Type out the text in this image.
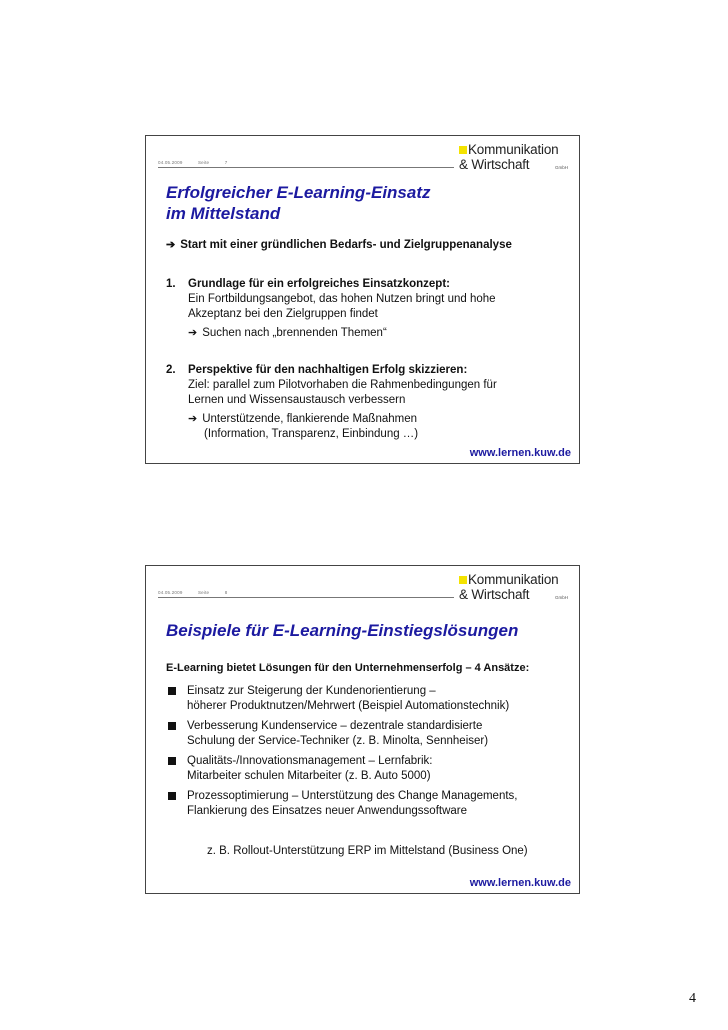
04.05.2009	Seite	7
Kommunikation
& Wirtschaft	GmbH
Erfolgreicher E-Learning-Einsatz
im Mittelstand
➔ Start mit einer gründlichen Bedarfs- und Zielgruppenanalyse
1. Grundlage für ein erfolgreiches Einsatzkonzept:
Ein Fortbildungsangebot, das hohen Nutzen bringt und hohe
Akzeptanz bei den Zielgruppen findet
➔ Suchen nach „brennenden Themen“
2. Perspektive für den nachhaltigen Erfolg skizzieren:
Ziel: parallel zum Pilotvorhaben die Rahmenbedingungen für
Lernen und Wissensaustausch verbessern
➔ Unterstützende, flankierende Maßnahmen
(Information, Transparenz, Einbindung …)
www.lernen.kuw.de
04.05.2009	Seite	8
Kommunikation
& Wirtschaft	GmbH
Beispiele für E-Learning-Einstiegslösungen
E-Learning bietet Lösungen für den Unternehmenserfolg – 4 Ansätze:
Einsatz zur Steigerung der Kundenorientierung –
höherer Produktnutzen/Mehrwert (Beispiel Automationstechnik)
Verbesserung Kundenservice – dezentrale standardisierte
Schulung der Service-Techniker (z. B. Minolta, Sennheiser)
Qualitäts-/Innovationsmanagement – Lernfabrik:
Mitarbeiter schulen Mitarbeiter (z. B. Auto 5000)
Prozessoptimierung – Unterstützung des Change Managements,
Flankierung des Einsatzes neuer Anwendungssoftware
z. B. Rollout-Unterstützung ERP im Mittelstand (Business One)
www.lernen.kuw.de
4
